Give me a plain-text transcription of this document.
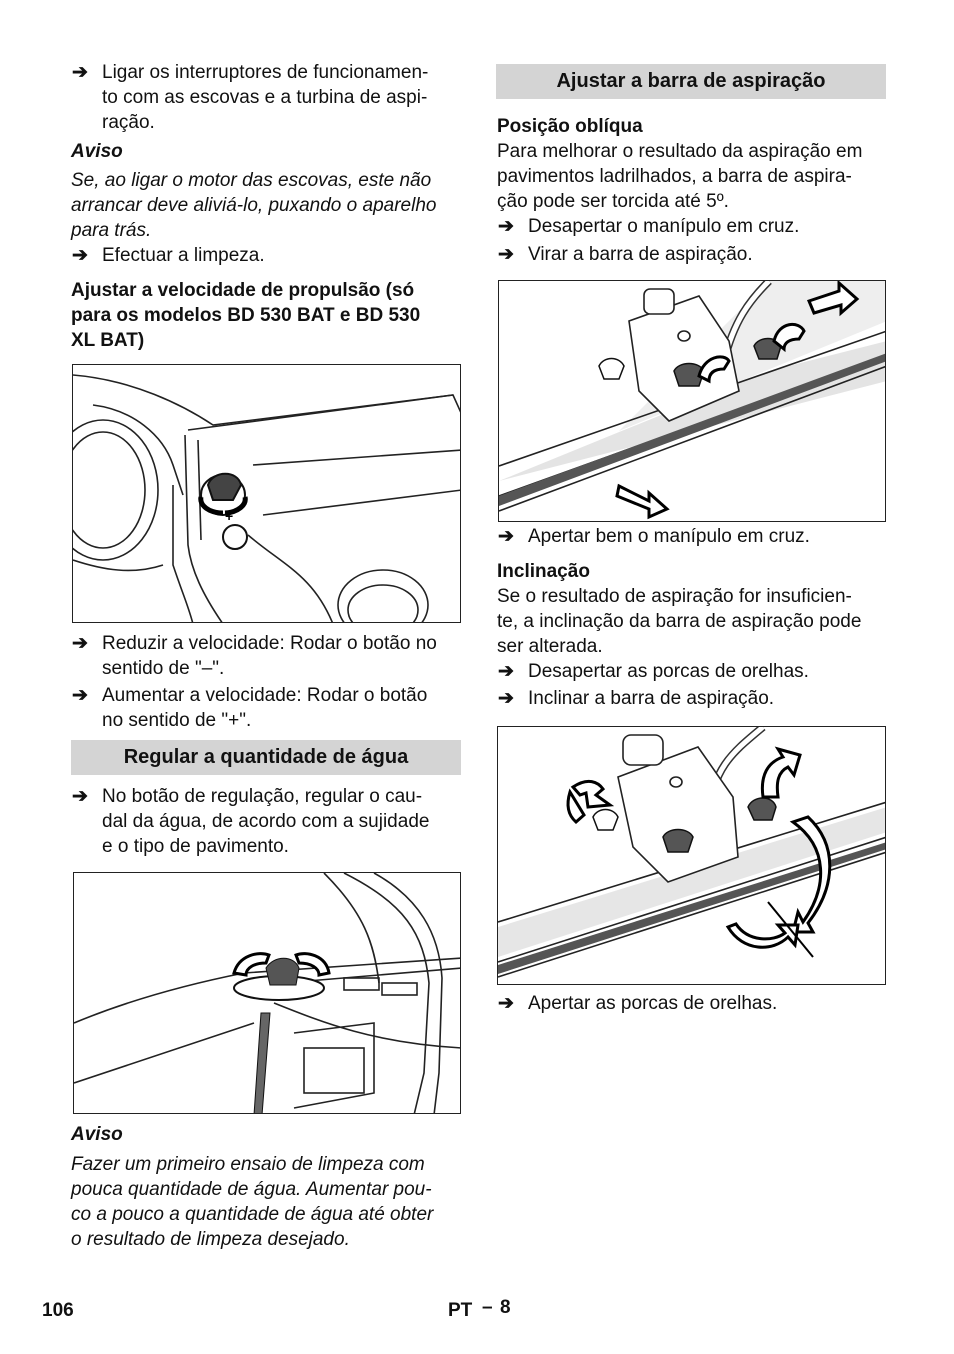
➔ Ligar os interruptores de funcionamen-
to com as escovas e a turbina de aspi-
ração.

Aviso

Se, ao ligar o motor das escovas, este não
arrancar deve aliviá-lo, puxando o aparelho
para trás.

➔ Efectuar a limpeza.

Ajustar a velocidade de propulsão (só
para os modelos BD 530 BAT e BD 530
XL BAT)

+
➔ Reduzir a velocidade: Rodar o botão no
sentido de "–".
➔ Aumentar a velocidade: Rodar o botão
no sentido de "+".
Regular a quantidade de água
➔ No botão de regulação, regular o cau-
dal da água, de acordo com a sujidade
e o tipo de pavimento.

Aviso

Fazer um primeiro ensaio de limpeza com
pouca quantidade de água. Aumentar pou-
co a pouco a quantidade de água até obter
o resultado de limpeza desejado.

Ajustar a barra de aspiração

Posição oblíqua

Para melhorar o resultado da aspiração em
pavimentos ladrilhados, a barra de aspira-
ção pode ser torcida até 5º.

➔ Desapertar o manípulo em cruz.
➔ Virar a barra de aspiração.
➔ Apertar bem o manípulo em cruz.

Inclinação

Se o resultado de aspiração for insuficien-
te, a inclinação da barra de aspiração pode
ser alterada.

➔ Desapertar as porcas de orelhas.
➔ Inclinar a barra de aspiração.
➔ Apertar as porcas de orelhas.
106	PT – 8
